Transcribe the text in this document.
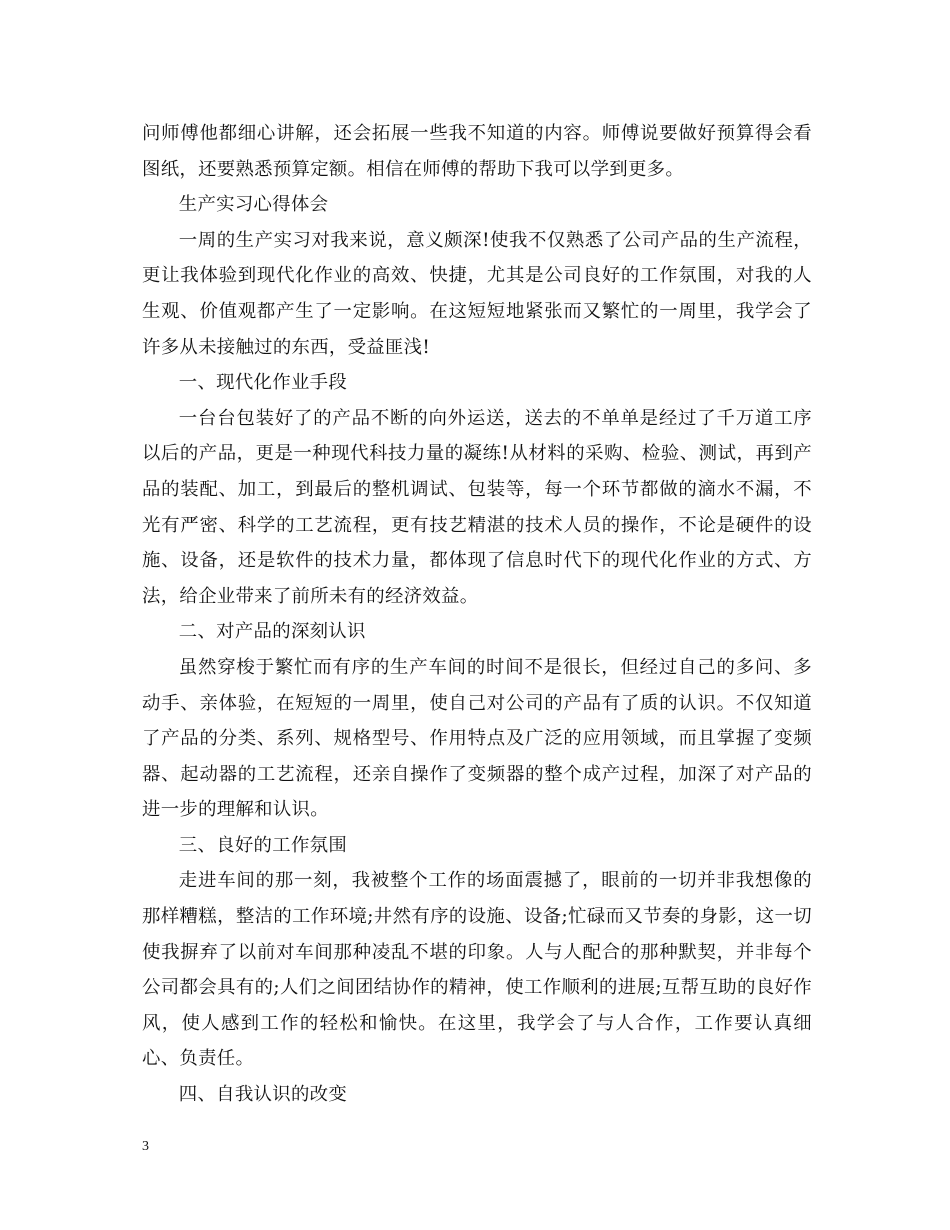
问师傅他都细心讲解，还会拓展一些我不知道的内容。师傅说要做好预算得会看图纸，还要熟悉预算定额。相信在师傅的帮助下我可以学到更多。

生产实习心得体会

一周的生产实习对我来说，意义颇深!使我不仅熟悉了公司产品的生产流程，更让我体验到现代化作业的高效、快捷，尤其是公司良好的工作氛围，对我的人生观、价值观都产生了一定影响。在这短短地紧张而又繁忙的一周里，我学会了许多从未接触过的东西，受益匪浅!

一、现代化作业手段

一台台包装好了的产品不断的向外运送，送去的不单单是经过了千万道工序以后的产品，更是一种现代科技力量的凝练!从材料的采购、检验、测试，再到产品的装配、加工，到最后的整机调试、包装等，每一个环节都做的滴水不漏，不光有严密、科学的工艺流程，更有技艺精湛的技术人员的操作，不论是硬件的设施、设备，还是软件的技术力量，都体现了信息时代下的现代化作业的方式、方法，给企业带来了前所未有的经济效益。

二、对产品的深刻认识

虽然穿梭于繁忙而有序的生产车间的时间不是很长，但经过自己的多问、多动手、亲体验，在短短的一周里，使自己对公司的产品有了质的认识。不仅知道了产品的分类、系列、规格型号、作用特点及广泛的应用领域，而且掌握了变频器、起动器的工艺流程，还亲自操作了变频器的整个成产过程，加深了对产品的进一步的理解和认识。

三、良好的工作氛围

走进车间的那一刻，我被整个工作的场面震撼了，眼前的一切并非我想像的那样糟糕，整洁的工作环境;井然有序的设施、设备;忙碌而又节奏的身影，这一切使我摒弃了以前对车间那种凌乱不堪的印象。人与人配合的那种默契，并非每个公司都会具有的;人们之间团结协作的精神，使工作顺利的进展;互帮互助的良好作风，使人感到工作的轻松和愉快。在这里，我学会了与人合作，工作要认真细心、负责任。

四、自我认识的改变

3
